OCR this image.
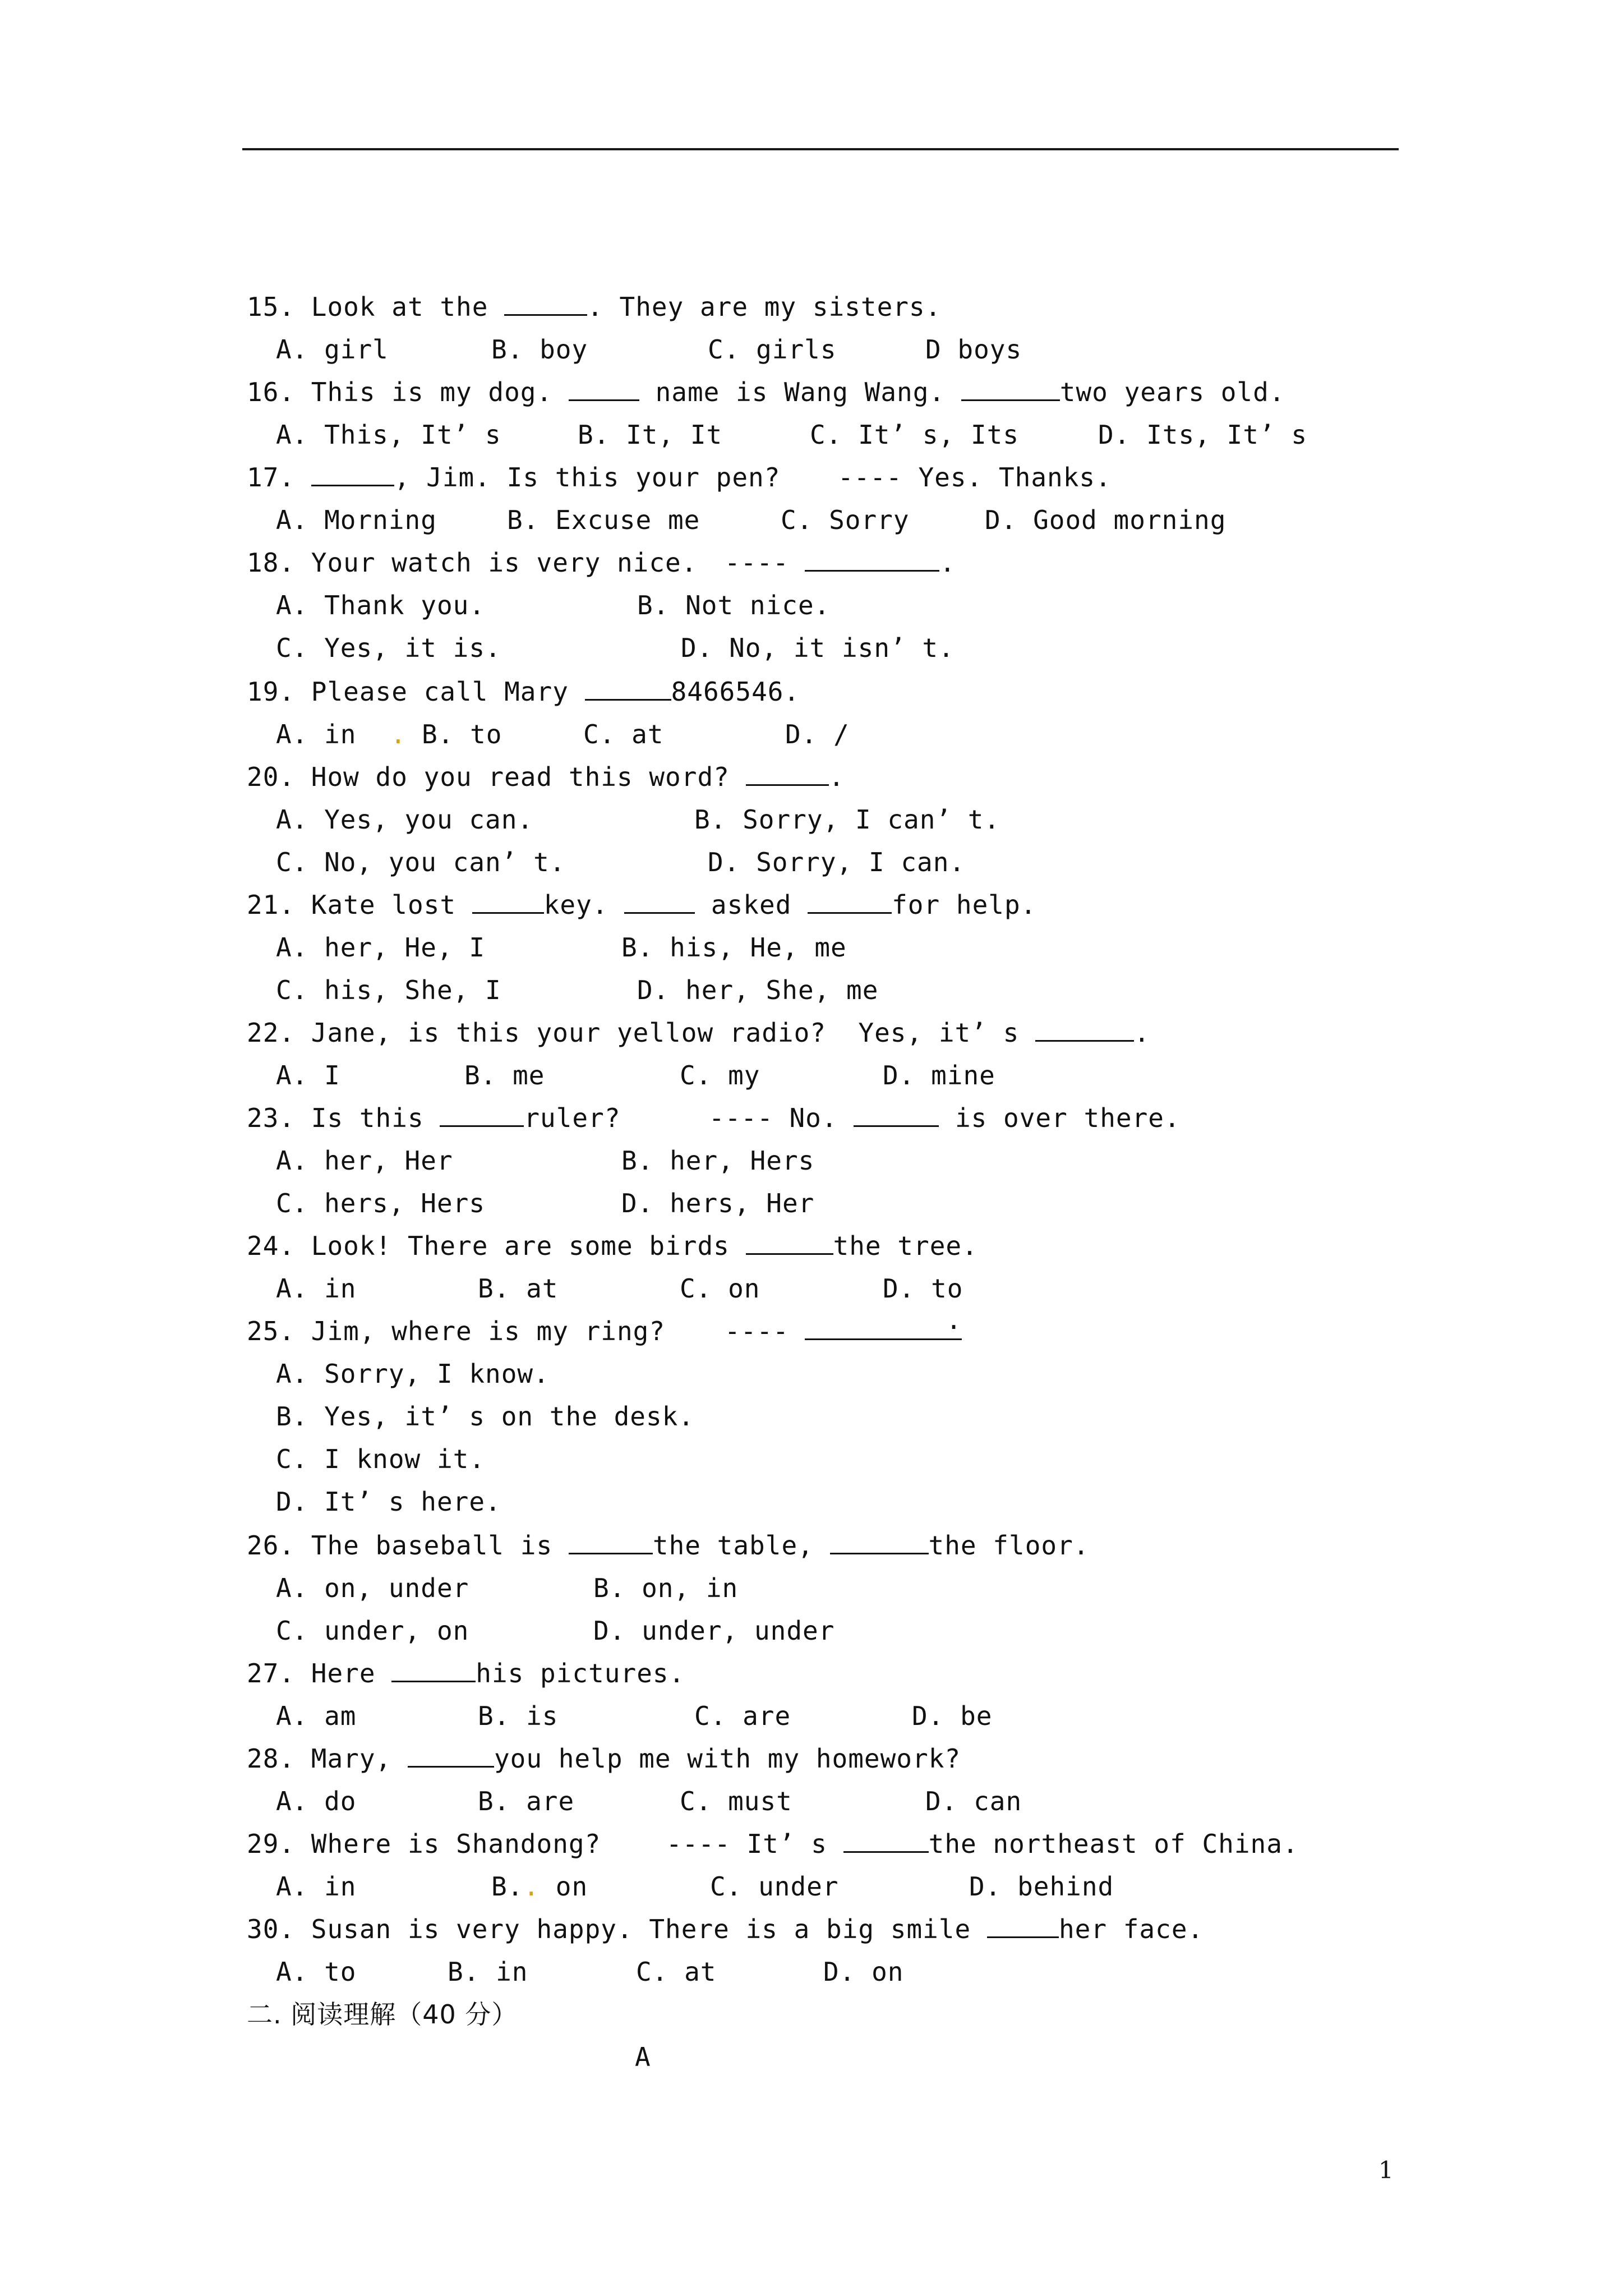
15. Look at the	. They are my sisters.

A. girl

	B. boy

	C. girls

	D boys

16. This is my dog.	name is Wang Wang.	two years old.

A. This, It’ s

	B. It, It

	C. It’ s, Its

	D. Its, It’ s

17.	, Jim. Is this your pen?

---- Yes. Thanks.

A. Morning

	B. Excuse me

	C. Sorry

	D. Good morning

18. Your watch is very nice.

----	.

A. Thank you.

	B. Not nice.

C. Yes, it is.

	D. No, it isn’ t.

19. Please call Mary	8466546.

A. in

.

B. to

	C. at

	D. /

20. How do you read this word?	.

A. Yes, you can.

	B. Sorry, I can’ t.

C. No, you can’ t.

	D. Sorry, I can.

21. Kate lost	key.	asked	for help.

A. her, He, I

	B. his, He, me

C. his, She, I

	D. her, She, me

22. Jane, is this your yellow radio?  Yes, it’ s	.

A. I

	B. me

	C. my

	D. mine

23. Is this	ruler?

	---- No.	is over there.

A. her, Her

	B. her, Hers

C. hers, Hers

	D. hers, Her

24. Look! There are some birds	the tree.

A. in

	B. at

	C. on

	D. to

25. Jim, where is my ring?

----	.

A. Sorry, I know.

B. Yes, it’ s on the desk.

C. I know it.

D. It’ s here.

26. The baseball is	the table,	the floor.

A. on, under

	B. on, in

C. under, on

	D. under, under

27. Here	his pictures.

A. am

	B. is

	C. are

	D. be

28. Mary,	you help me with my homework?

A. do

	B. are

	C. must

	D. can

29. Where is Shandong?

	---- It’ s	the northeast of China.

A. in

	B.. on

	C. under

	D. behind

30. Susan is very happy. There is a big smile	her face.

A. to

	B. in

	C. at

	D. on

二. 阅读理解（40 分）

A

1
